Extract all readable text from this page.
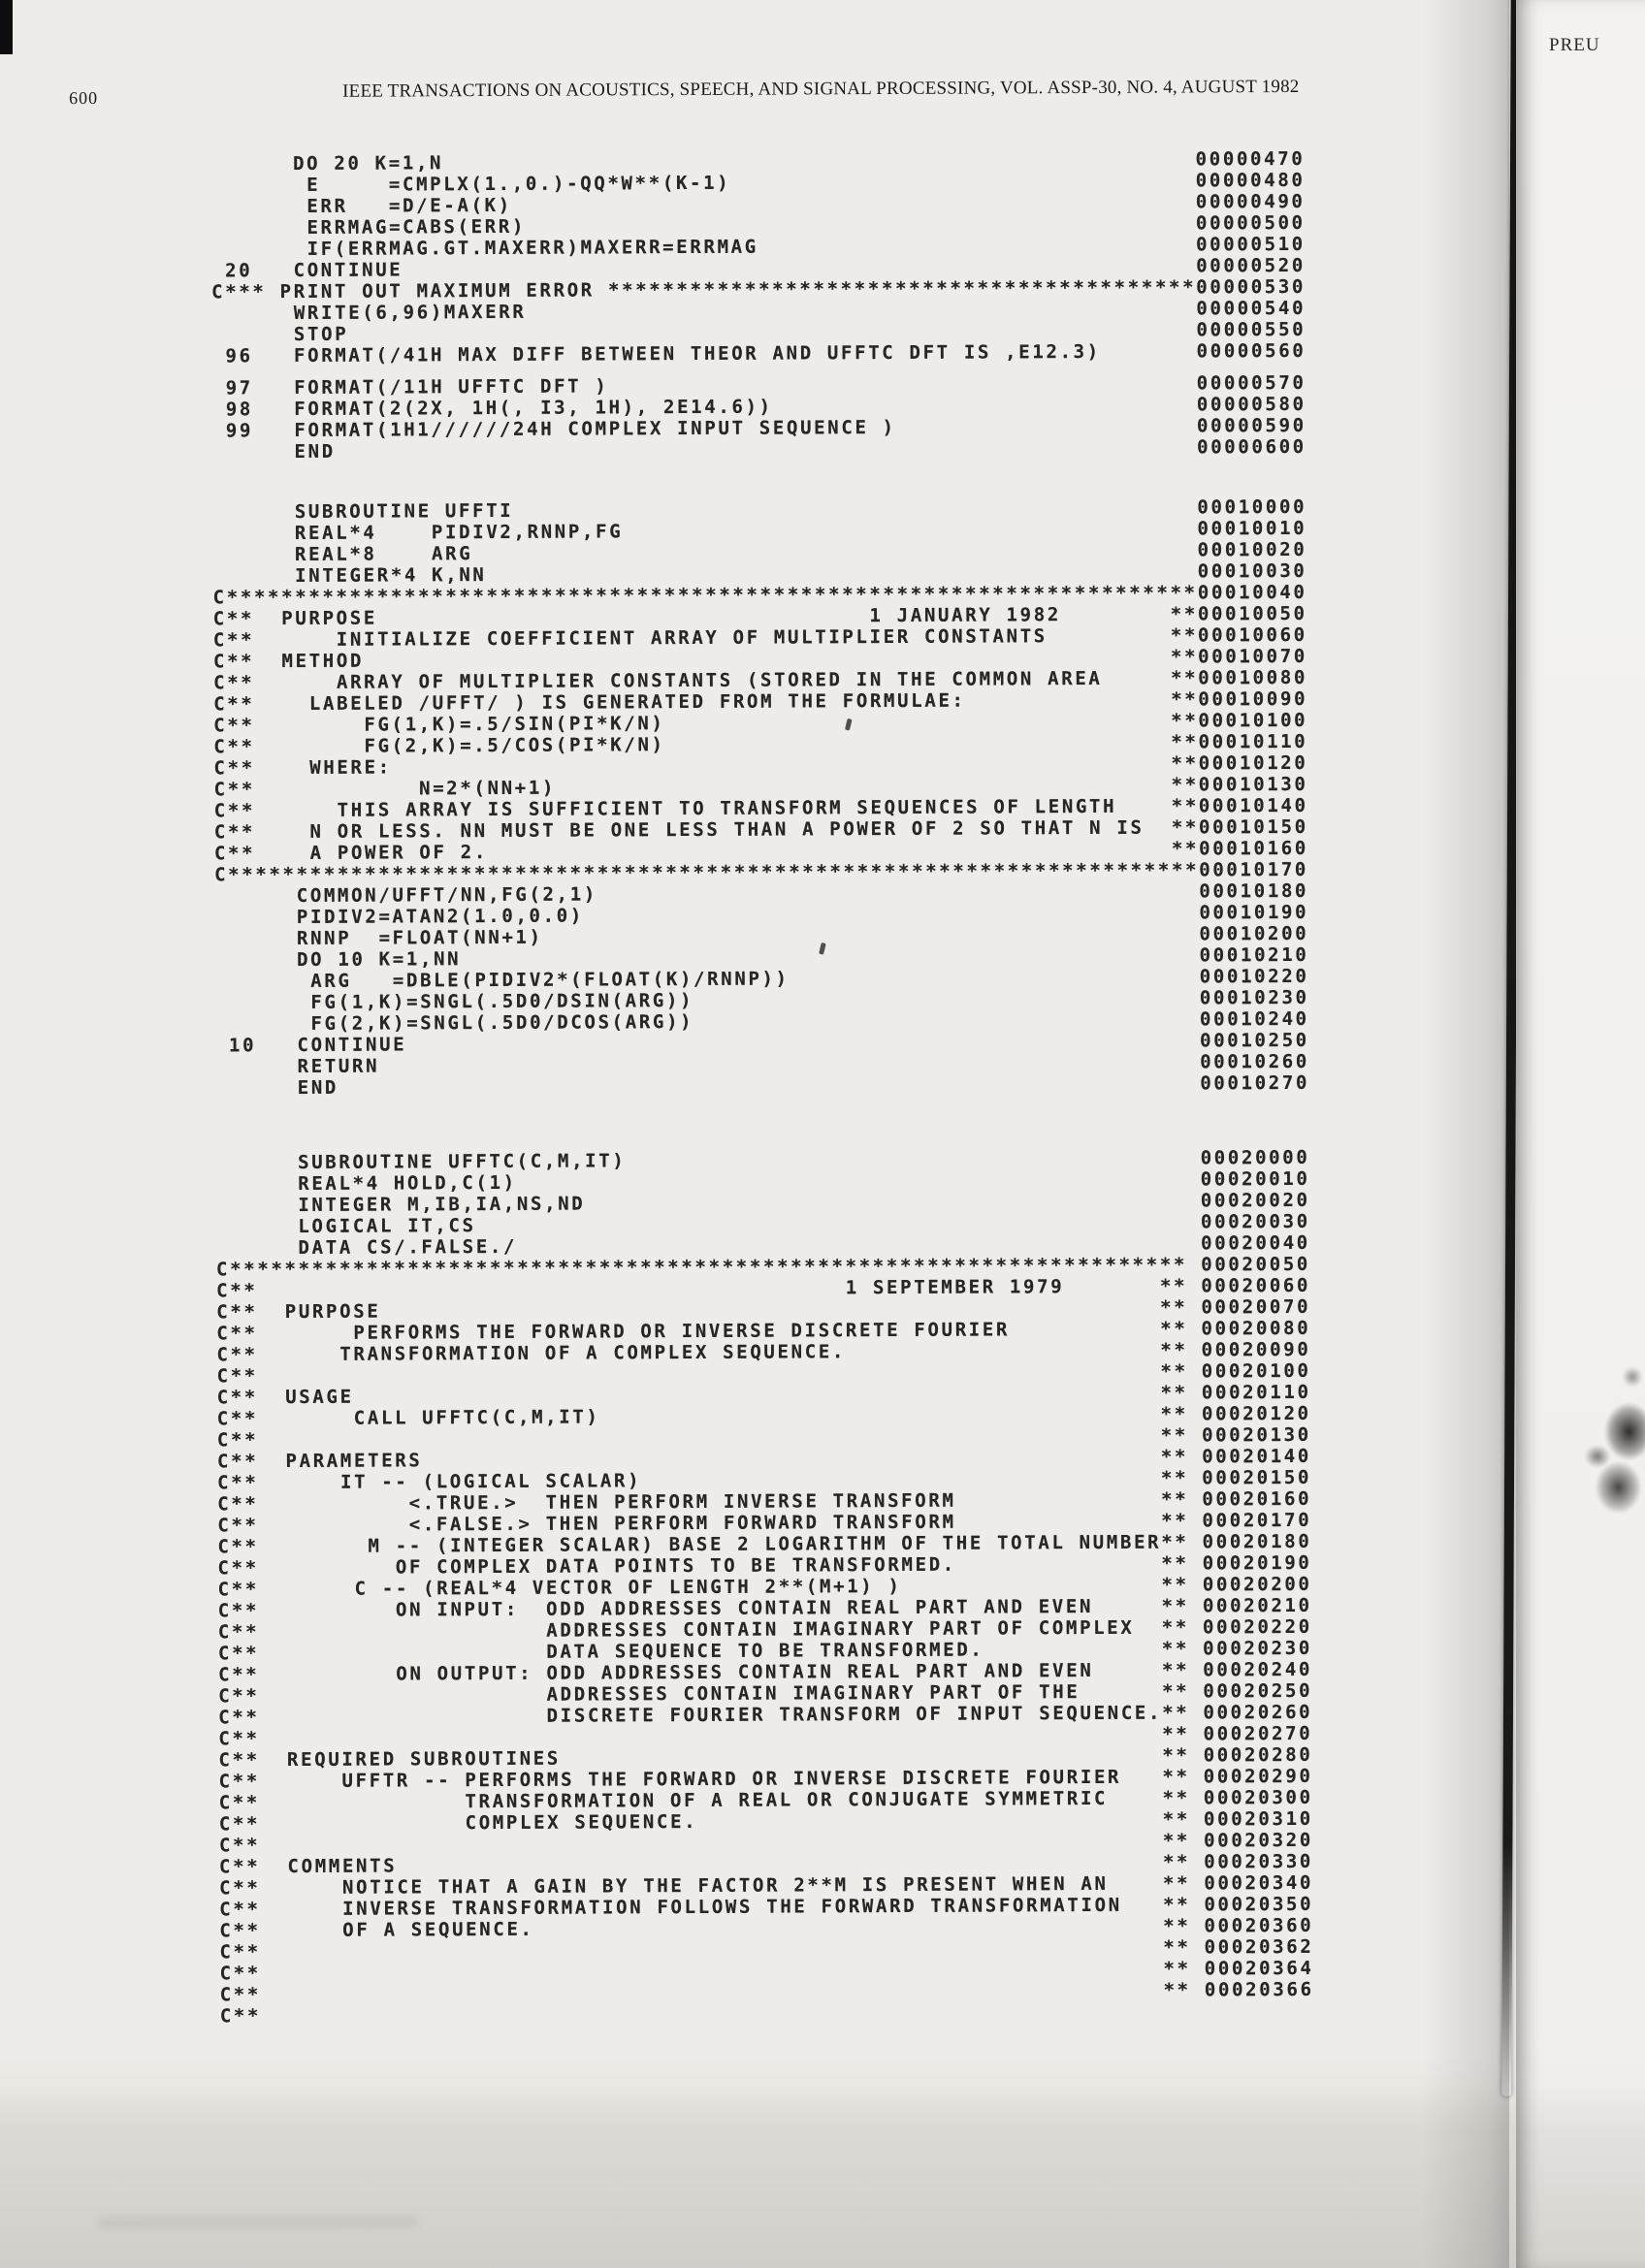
600	IEEE TRANSACTIONS ON ACOUSTICS, SPEECH, AND SIGNAL PROCESSING, VOL. ASSP-30, NO. 4, AUGUST 1982
DO 20 K=1,N	00000470
E     =CMPLX(1.,0.)-QQ*W**(K-1)	00000480
ERR   =D/E-A(K)	00000490
ERRMAG=CABS(ERR)	00000500
IF(ERRMAG.GT.MAXERR)MAXERR=ERRMAG	00000510
20   CONTINUE	00000520
C*** PRINT OUT MAXIMUM ERROR ******************************************* 00000530
WRITE(6,96)MAXERR	00000540
STOP	00000550
96   FORMAT(/41H MAX DIFF BETWEEN THEOR AND UFFTC DFT IS ,E12.3)	00000560
97   FORMAT(/11H UFFTC DFT )	00000570
98   FORMAT(2(2X, 1H(, I3, 1H), 2E14.6))	00000580
99   FORMAT(1H1//////24H COMPLEX INPUT SEQUENCE )	00000590
END	00000600
SUBROUTINE UFFTI	00010000
REAL*4    PIDIV2,RNNP,FG	00010010
REAL*8    ARG	00010020
INTEGER*4 K,NN	00010030
C*********************************************************************** 00010040
C**  PURPOSE	1 JANUARY 1982	** 00010050
C**      INITIALIZE COEFFICIENT ARRAY OF MULTIPLIER CONSTANTS	** 00010060
C**  METHOD	** 00010070
C**      ARRAY OF MULTIPLIER CONSTANTS (STORED IN THE COMMON AREA	** 00010080
C**    LABELED /UFFT/ ) IS GENERATED FROM THE FORMULAE:	** 00010090
C**        FG(1,K)=.5/SIN(PI*K/N)	** 00010100
C**        FG(2,K)=.5/COS(PI*K/N)	** 00010110
C**    WHERE:	** 00010120
C**            N=2*(NN+1)	** 00010130
C**      THIS ARRAY IS SUFFICIENT TO TRANSFORM SEQUENCES OF LENGTH	** 00010140
C**    N OR LESS. NN MUST BE ONE LESS THAN A POWER OF 2 SO THAT N IS ** 00010150
C**    A POWER OF 2.	** 00010160
C*********************************************************************** 00010170
COMMON/UFFT/NN,FG(2,1)	00010180
PIDIV2=ATAN2(1.0,0.0)	00010190
RNNP  =FLOAT(NN+1)	00010200
DO 10 K=1,NN	00010210
ARG   =DBLE(PIDIV2*(FLOAT(K)/RNNP))	00010220
FG(1,K)=SNGL(.5D0/DSIN(ARG))	00010230
FG(2,K)=SNGL(.5D0/DCOS(ARG))	00010240
10   CONTINUE	00010250
RETURN	00010260
END	00010270
SUBROUTINE UFFTC(C,M,IT)	00020000
REAL*4 HOLD,C(1)	00020010
INTEGER M,IB,IA,NS,ND	00020020
LOGICAL IT,CS	00020030
DATA CS/.FALSE./	00020040
C********************************************************************** 00020050
C**	1 SEPTEMBER 1979	** 00020060
C**  PURPOSE	** 00020070
C**       PERFORMS THE FORWARD OR INVERSE DISCRETE FOURIER	** 00020080
C**      TRANSFORMATION OF A COMPLEX SEQUENCE.	** 00020090
C**	** 00020100
C**  USAGE	** 00020110
C**       CALL UFFTC(C,M,IT)	** 00020120
C**	** 00020130
C**  PARAMETERS	** 00020140
C**      IT -- (LOGICAL SCALAR)	** 00020150
C**           <.TRUE.>  THEN PERFORM INVERSE TRANSFORM	** 00020160
C**           <.FALSE.> THEN PERFORM FORWARD TRANSFORM	** 00020170
C**        M -- (INTEGER SCALAR) BASE 2 LOGARITHM OF THE TOTAL NUMBER ** 00020180
C**          OF COMPLEX DATA POINTS TO BE TRANSFORMED.	** 00020190
C**       C -- (REAL*4 VECTOR OF LENGTH 2**(M+1) )	** 00020200
C**          ON INPUT:  ODD ADDRESSES CONTAIN REAL PART AND EVEN	** 00020210
C**                     ADDRESSES CONTAIN IMAGINARY PART OF COMPLEX ** 00020220
C**                     DATA SEQUENCE TO BE TRANSFORMED.	** 00020230
C**          ON OUTPUT: ODD ADDRESSES CONTAIN REAL PART AND EVEN	** 00020240
C**                     ADDRESSES CONTAIN IMAGINARY PART OF THE	** 00020250
C**                     DISCRETE FOURIER TRANSFORM OF INPUT SEQUENCE. ** 00020260
C**	** 00020270
C**  REQUIRED SUBROUTINES	** 00020280
C**      UFFTR -- PERFORMS THE FORWARD OR INVERSE DISCRETE FOURIER ** 00020290
C**               TRANSFORMATION OF A REAL OR CONJUGATE SYMMETRIC	** 00020300
C**               COMPLEX SEQUENCE.	** 00020310
C**	** 00020320
C**  COMMENTS	** 00020330
C**      NOTICE THAT A GAIN BY THE FACTOR 2**M IS PRESENT WHEN AN	** 00020340
C**      INVERSE TRANSFORMATION FOLLOWS THE FORWARD TRANSFORMATION ** 00020350
C**      OF A SEQUENCE.	** 00020360
C**	** 00020362
C**	** 00020364
C**	** 00020366
C**
PREU
